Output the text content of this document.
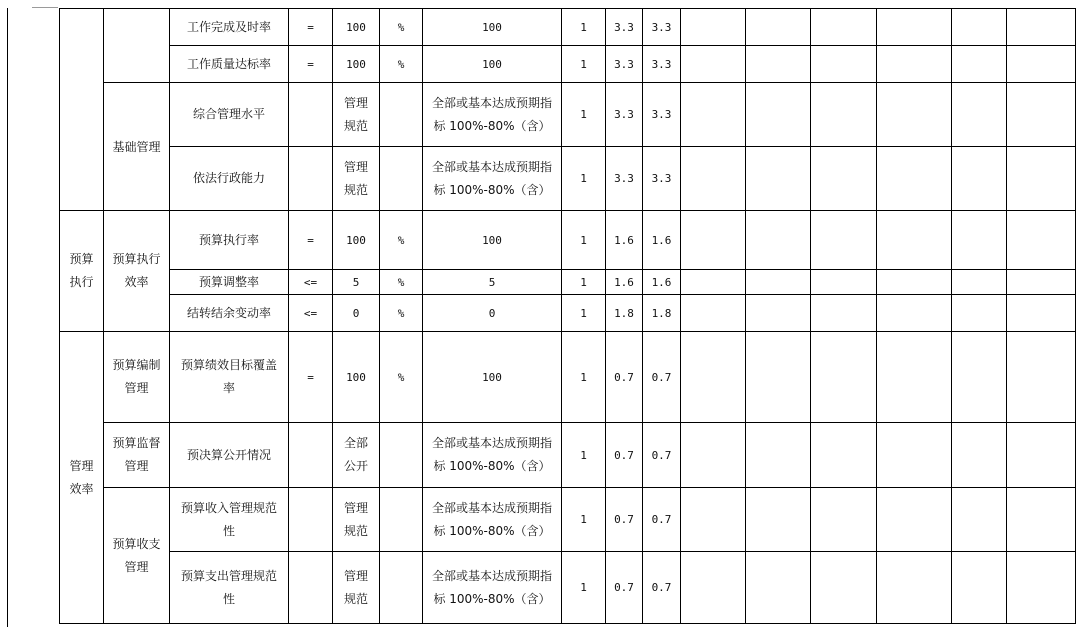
		工作完成及时率	=	100	%	100	1	3.3	3.3						
		工作质量达标率	=	100	%	100	1	3.3	3.3						
	基础管理	综合管理水平		管理规范		全部或基本达成预期指标 100%-80%（含）	1	3.3	3.3						
		依法行政能力		管理规范		全部或基本达成预期指标 100%-80%（含）	1	3.3	3.3						
预算执行	预算执行效率	预算执行率	=	100	%	100	1	1.6	1.6						
		预算调整率	<=	5	%	5	1	1.6	1.6						
		结转结余变动率	<=	0	%	0	1	1.8	1.8						
管理效率	预算编制管理	预算绩效目标覆盖率	=	100	%	100	1	0.7	0.7						
	预算监督管理	预决算公开情况		全部公开		全部或基本达成预期指标 100%-80%（含）	1	0.7	0.7						
	预算收支管理	预算收入管理规范性		管理规范		全部或基本达成预期指标 100%-80%（含）	1	0.7	0.7						
		预算支出管理规范性		管理规范		全部或基本达成预期指标 100%-80%（含）	1	0.7	0.7						
